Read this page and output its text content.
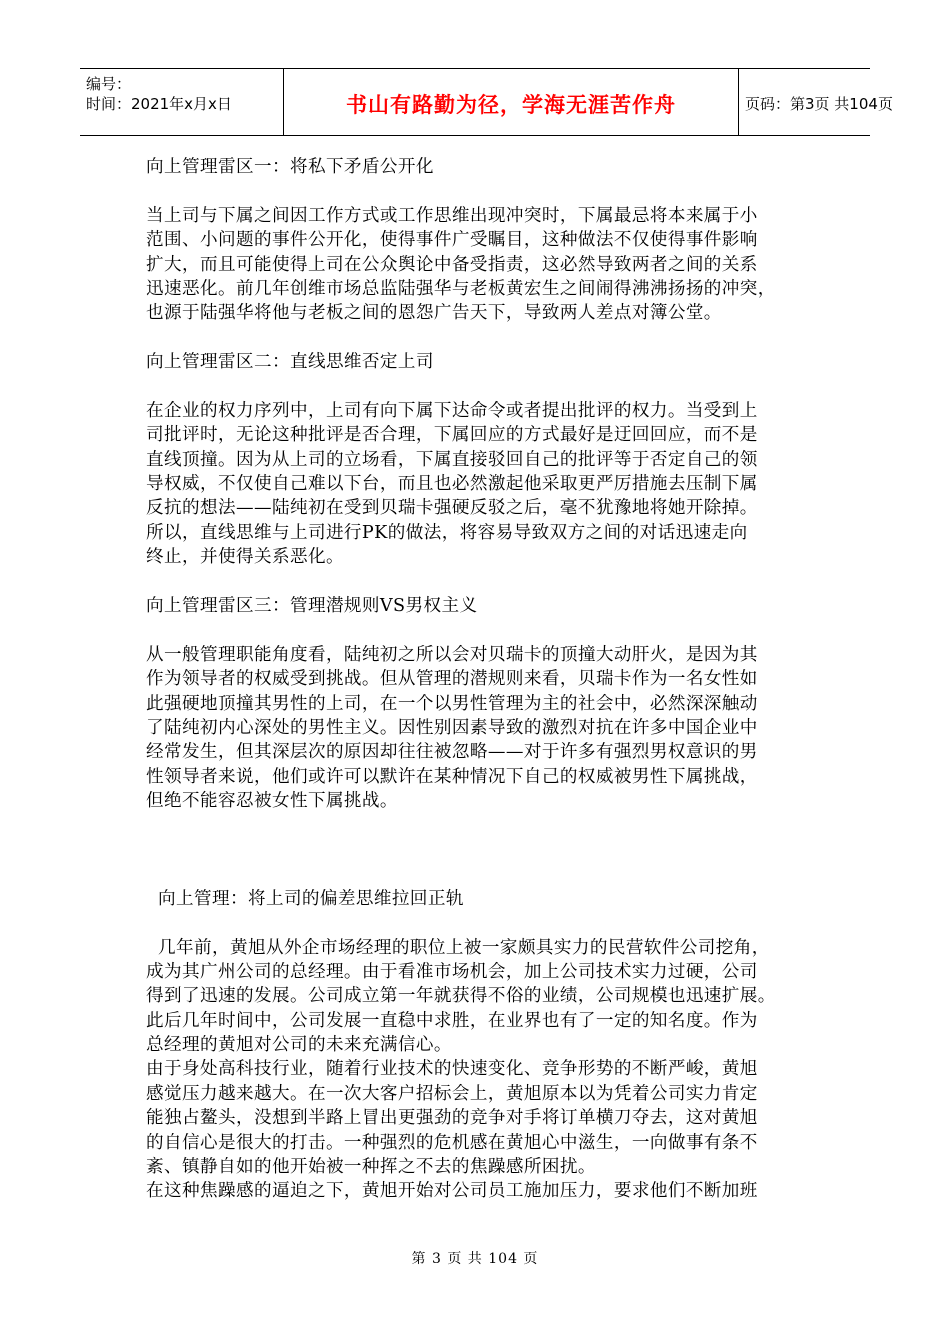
编号：
时间：2021年x月x日	书山有路勤为径，学海无涯苦作舟	页码：第3页 共104页
向上管理雷区一：将私下矛盾公开化
当上司与下属之间因工作方式或工作思维出现冲突时，下属最忌将本来属于小
范围、小问题的事件公开化，使得事件广受瞩目，这种做法不仅使得事件影响
扩大，而且可能使得上司在公众舆论中备受指责，这必然导致两者之间的关系
迅速恶化。前几年创维市场总监陆强华与老板黄宏生之间闹得沸沸扬扬的冲突，
也源于陆强华将他与老板之间的恩怨广告天下，导致两人差点对簿公堂。
向上管理雷区二：直线思维否定上司
在企业的权力序列中，上司有向下属下达命令或者提出批评的权力。当受到上
司批评时，无论这种批评是否合理，下属回应的方式最好是迂回回应，而不是
直线顶撞。因为从上司的立场看，下属直接驳回自己的批评等于否定自己的领
导权威，不仅使自己难以下台，而且也必然激起他采取更严厉措施去压制下属
反抗的想法——陆纯初在受到贝瑞卡强硬反驳之后，毫不犹豫地将她开除掉。
所以，直线思维与上司进行PK的做法，将容易导致双方之间的对话迅速走向
终止，并使得关系恶化。
向上管理雷区三：管理潜规则VS男权主义
从一般管理职能角度看，陆纯初之所以会对贝瑞卡的顶撞大动肝火，是因为其
作为领导者的权威受到挑战。但从管理的潜规则来看，贝瑞卡作为一名女性如
此强硬地顶撞其男性的上司，在一个以男性管理为主的社会中，必然深深触动
了陆纯初内心深处的男性主义。因性别因素导致的激烈对抗在许多中国企业中
经常发生，但其深层次的原因却往往被忽略——对于许多有强烈男权意识的男
性领导者来说，他们或许可以默许在某种情况下自己的权威被男性下属挑战，
但绝不能容忍被女性下属挑战。
向上管理：将上司的偏差思维拉回正轨
几年前，黄旭从外企市场经理的职位上被一家颇具实力的民营软件公司挖角，
成为其广州公司的总经理。由于看准市场机会，加上公司技术实力过硬，公司
得到了迅速的发展。公司成立第一年就获得不俗的业绩，公司规模也迅速扩展。
此后几年时间中，公司发展一直稳中求胜，在业界也有了一定的知名度。作为
总经理的黄旭对公司的未来充满信心。
由于身处高科技行业，随着行业技术的快速变化、竞争形势的不断严峻，黄旭
感觉压力越来越大。在一次大客户招标会上，黄旭原本以为凭着公司实力肯定
能独占鳌头，没想到半路上冒出更强劲的竞争对手将订单横刀夺去，这对黄旭
的自信心是很大的打击。一种强烈的危机感在黄旭心中滋生，一向做事有条不
紊、镇静自如的他开始被一种挥之不去的焦躁感所困扰。
在这种焦躁感的逼迫之下，黄旭开始对公司员工施加压力，要求他们不断加班
第 3 页 共 104 页
